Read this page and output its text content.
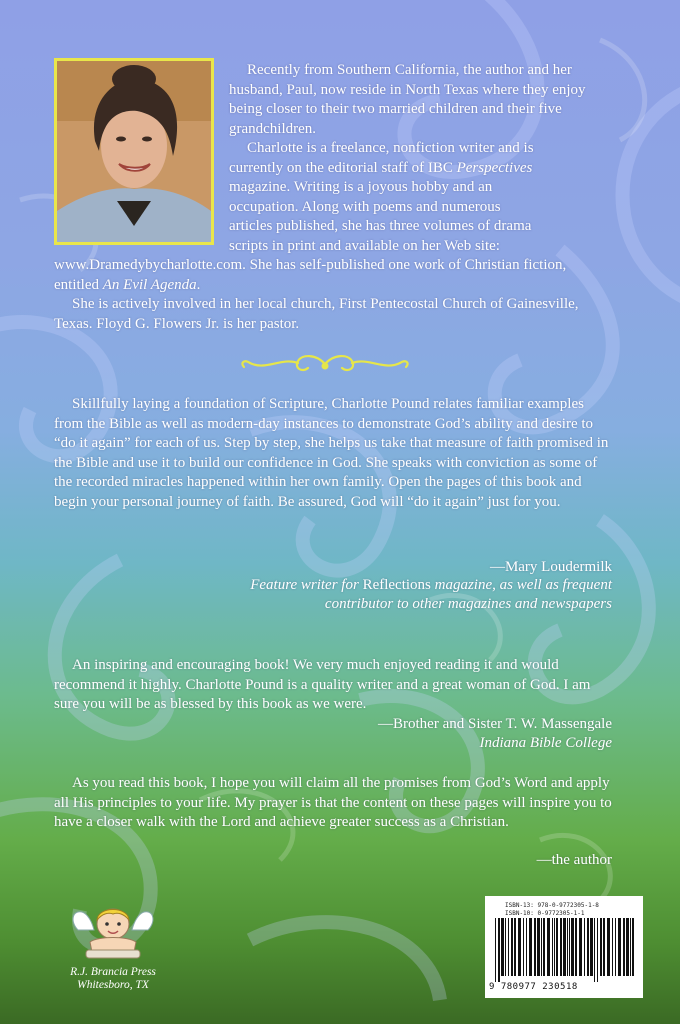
Recently from Southern California, the author and her husband, Paul, now reside in North Texas where they enjoy being closer to their two married children and their five grandchildren.
Charlotte is a freelance, nonfiction writer and is
currently on the editorial staff of IBC Perspectives
magazine. Writing is a joyous hobby and an
occupation. Along with poems and numerous
articles published, she has three volumes of drama
scripts in print and available on her Web site:
www.Dramedybycharlotte.com. She has self-published one work of Christian fiction, entitled An Evil Agenda.
She is actively involved in her local church, First Pentecostal Church of Gainesville, Texas. Floyd G. Flowers Jr. is her pastor.
Skillfully laying a foundation of Scripture, Charlotte Pound relates familiar examples from the Bible as well as modern-day instances to demonstrate God’s ability and desire to “do it again” for each of us. Step by step, she helps us take that measure of faith promised in the Bible and use it to build our confidence in God. She speaks with conviction as some of the recorded miracles happened within her own family. Open the pages of this book and begin your personal journey of faith. Be assured, God will “do it again” just for you.
—Mary Loudermilk
Feature writer for Reflections magazine, as well as frequent contributor to other magazines and newspapers
An inspiring and encouraging book! We very much enjoyed reading it and would recommend it highly. Charlotte Pound is a quality writer and a great woman of God. I am sure you will be as blessed by this book as we were.
—Brother and Sister T. W. Massengale
Indiana Bible College
As you read this book, I hope you will claim all the promises from God’s Word and apply all His principles to your life. My prayer is that the content on these pages will inspire you to have a closer walk with the Lord and achieve greater success as a Christian.
—the author
R.J. Brancia Press
Whitesboro, TX
ISBN-13: 978-0-9772305-1-8
ISBN-10: 0-9772305-1-1
9 780977 230518
